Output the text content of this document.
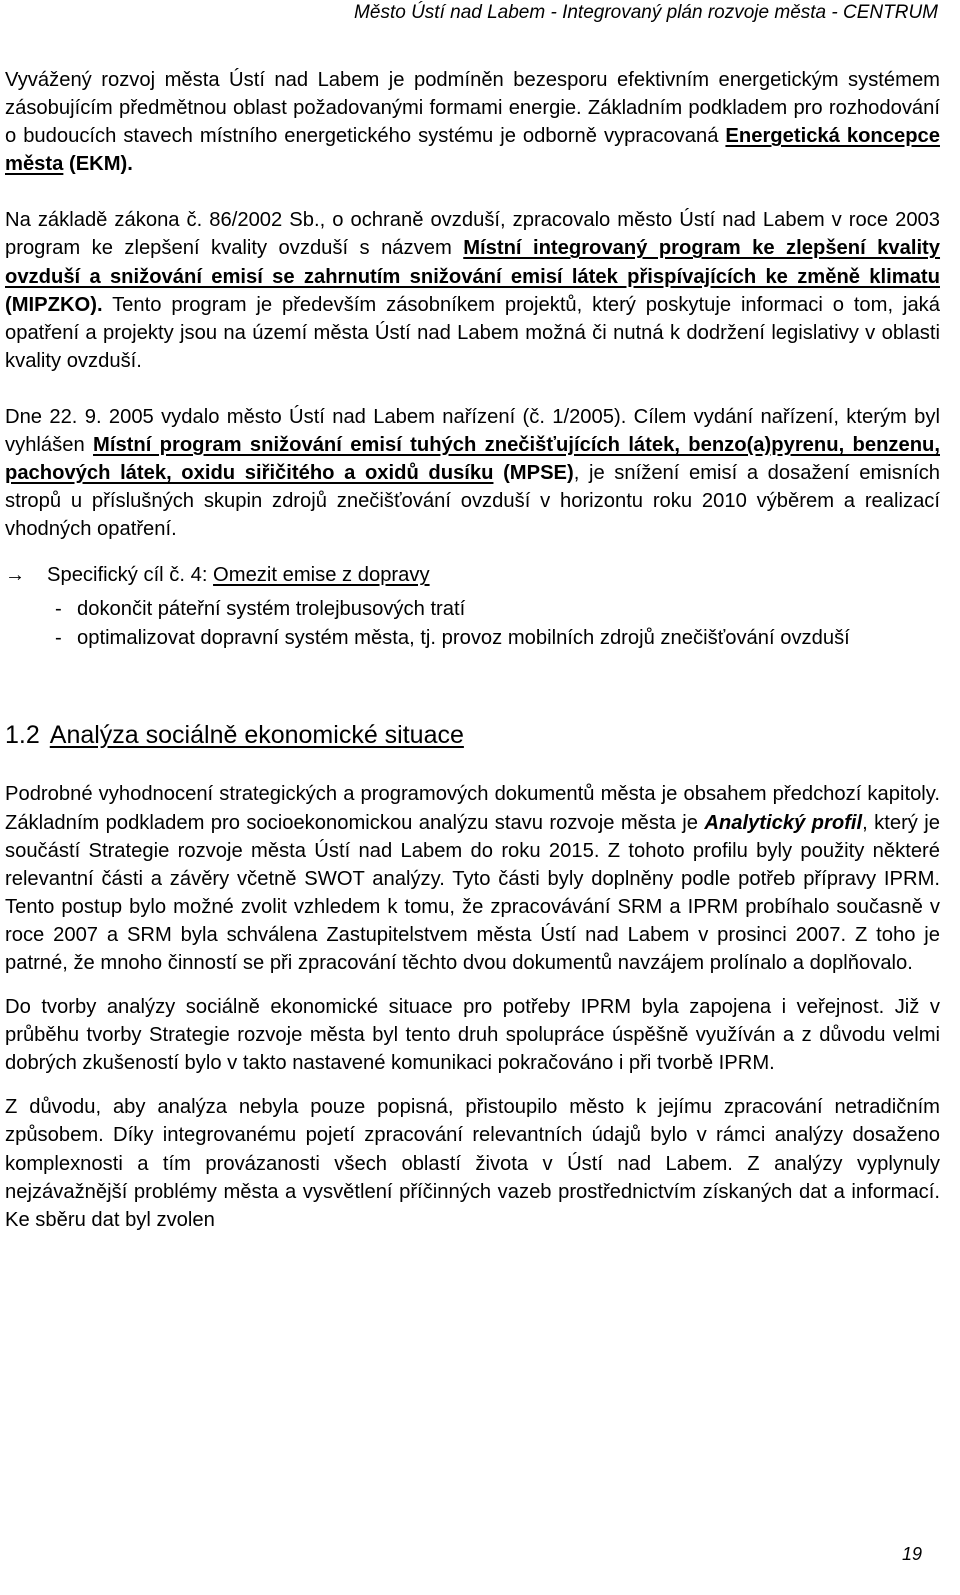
Město Ústí nad Labem - Integrovaný plán rozvoje města - CENTRUM

Vyvážený rozvoj města Ústí nad Labem je podmíněn bezesporu efektivním energetickým systémem zásobujícím předmětnou oblast požadovanými formami energie. Základním podkladem pro rozhodování o budoucích stavech místního energetického systému je odborně vypracovaná Energetická koncepce města (EKM).

Na základě zákona č. 86/2002 Sb., o ochraně ovzduší, zpracovalo město Ústí nad Labem v roce 2003 program ke zlepšení kvality ovzduší s názvem Místní integrovaný program ke zlepšení kvality ovzduší a snižování emisí se zahrnutím snižování emisí látek přispívajících ke změně klimatu (MIPZKO). Tento program je především zásobníkem projektů, který poskytuje informaci o tom, jaká opatření a projekty jsou na území města Ústí nad Labem možná či nutná k dodržení legislativy v oblasti kvality ovzduší.

Dne 22. 9. 2005 vydalo město Ústí nad Labem nařízení (č. 1/2005). Cílem vydání nařízení, kterým byl vyhlášen Místní program snižování emisí tuhých znečišťujících látek, benzo(a)pyrenu, benzenu, pachových látek, oxidu siřičitého a oxidů dusíku (MPSE), je snížení emisí a dosažení emisních stropů u příslušných skupin zdrojů znečišťování ovzduší v horizontu roku 2010 výběrem a realizací vhodných opatření.

→	Specifický cíl č. 4: Omezit emise z dopravy
- dokončit páteřní systém trolejbusových tratí
- optimalizovat dopravní systém města, tj. provoz mobilních zdrojů znečišťování ovzduší
1.2 Analýza sociálně ekonomické situace

Podrobné vyhodnocení strategických a programových dokumentů města je obsahem předchozí kapitoly. Základním podkladem pro socioekonomickou analýzu stavu rozvoje města je Analytický profil, který je součástí Strategie rozvoje města Ústí nad Labem do roku 2015. Z tohoto profilu byly použity některé relevantní části a závěry včetně SWOT analýzy. Tyto části byly doplněny podle potřeb přípravy IPRM. Tento postup bylo možné zvolit vzhledem k tomu, že zpracovávání SRM a IPRM probíhalo současně v roce 2007 a SRM byla schválena Zastupitelstvem města Ústí nad Labem v prosinci 2007. Z toho je patrné, že mnoho činností se při zpracování těchto dvou dokumentů navzájem prolínalo a doplňovalo.

Do tvorby analýzy sociálně ekonomické situace pro potřeby IPRM byla zapojena i veřejnost. Již v průběhu tvorby Strategie rozvoje města byl tento druh spolupráce úspěšně využíván a z důvodu velmi dobrých zkušeností bylo v takto nastavené komunikaci pokračováno i při tvorbě IPRM.

Z důvodu, aby analýza nebyla pouze popisná, přistoupilo město k jejímu zpracování netradičním způsobem. Díky integrovanému pojetí zpracování relevantních údajů bylo v rámci analýzy dosaženo komplexnosti a tím provázanosti všech oblastí života v Ústí nad Labem. Z analýzy vyplynuly nejzávažnější problémy města a vysvětlení příčinných vazeb prostřednictvím získaných dat a informací. Ke sběru dat byl zvolen

19
